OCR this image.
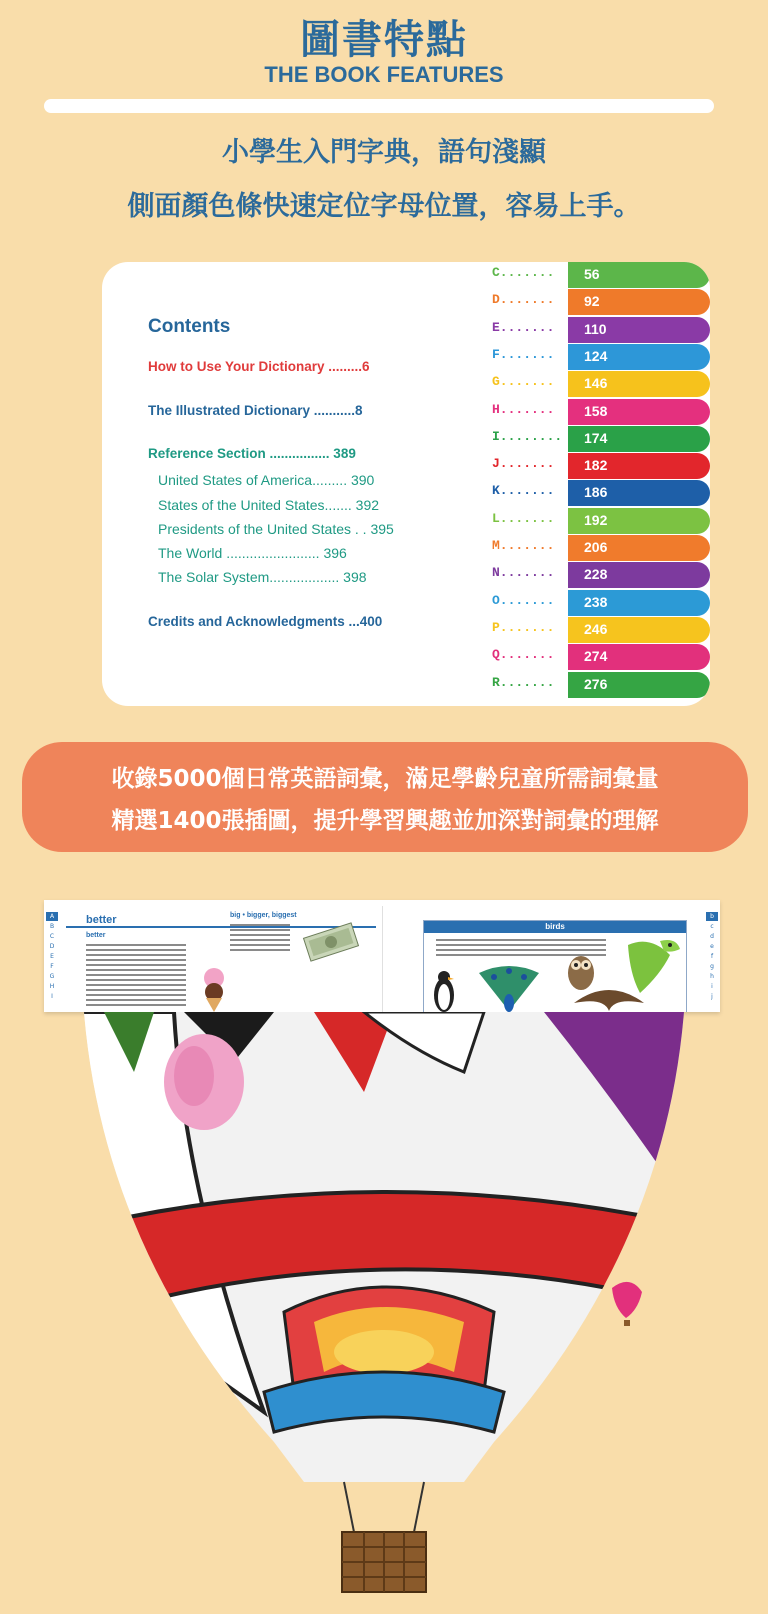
圖書特點
THE BOOK FEATURES
小學生入門字典，語句淺顯
側面顏色條快速定位字母位置，容易上手。
Contents
How to Use Your Dictionary .........6
The Illustrated Dictionary ...........8
Reference Section ................ 389
United States of America......... 390
States of the United States....... 392
Presidents of the United States . . 395
The World ........................ 396
The Solar System.................. 398
Credits and Acknowledgments ...400
C....... 56
D....... 92
E....... 110
F....... 124
G....... 146
H....... 158
I........ 174
J....... 182
K....... 186
L....... 192
M....... 206
N....... 228
O....... 238
P....... 246
Q....... 274
R....... 276
收錄5000個日常英語詞彙，滿足學齡兒童所需詞彙量
精選1400張插圖，提升學習興趣並加深對詞彙的理解
A
B
C
D
E
F
G
H
I
better
better
big • bigger, biggest
birds
b
c
d
e
f
g
h
i
j
